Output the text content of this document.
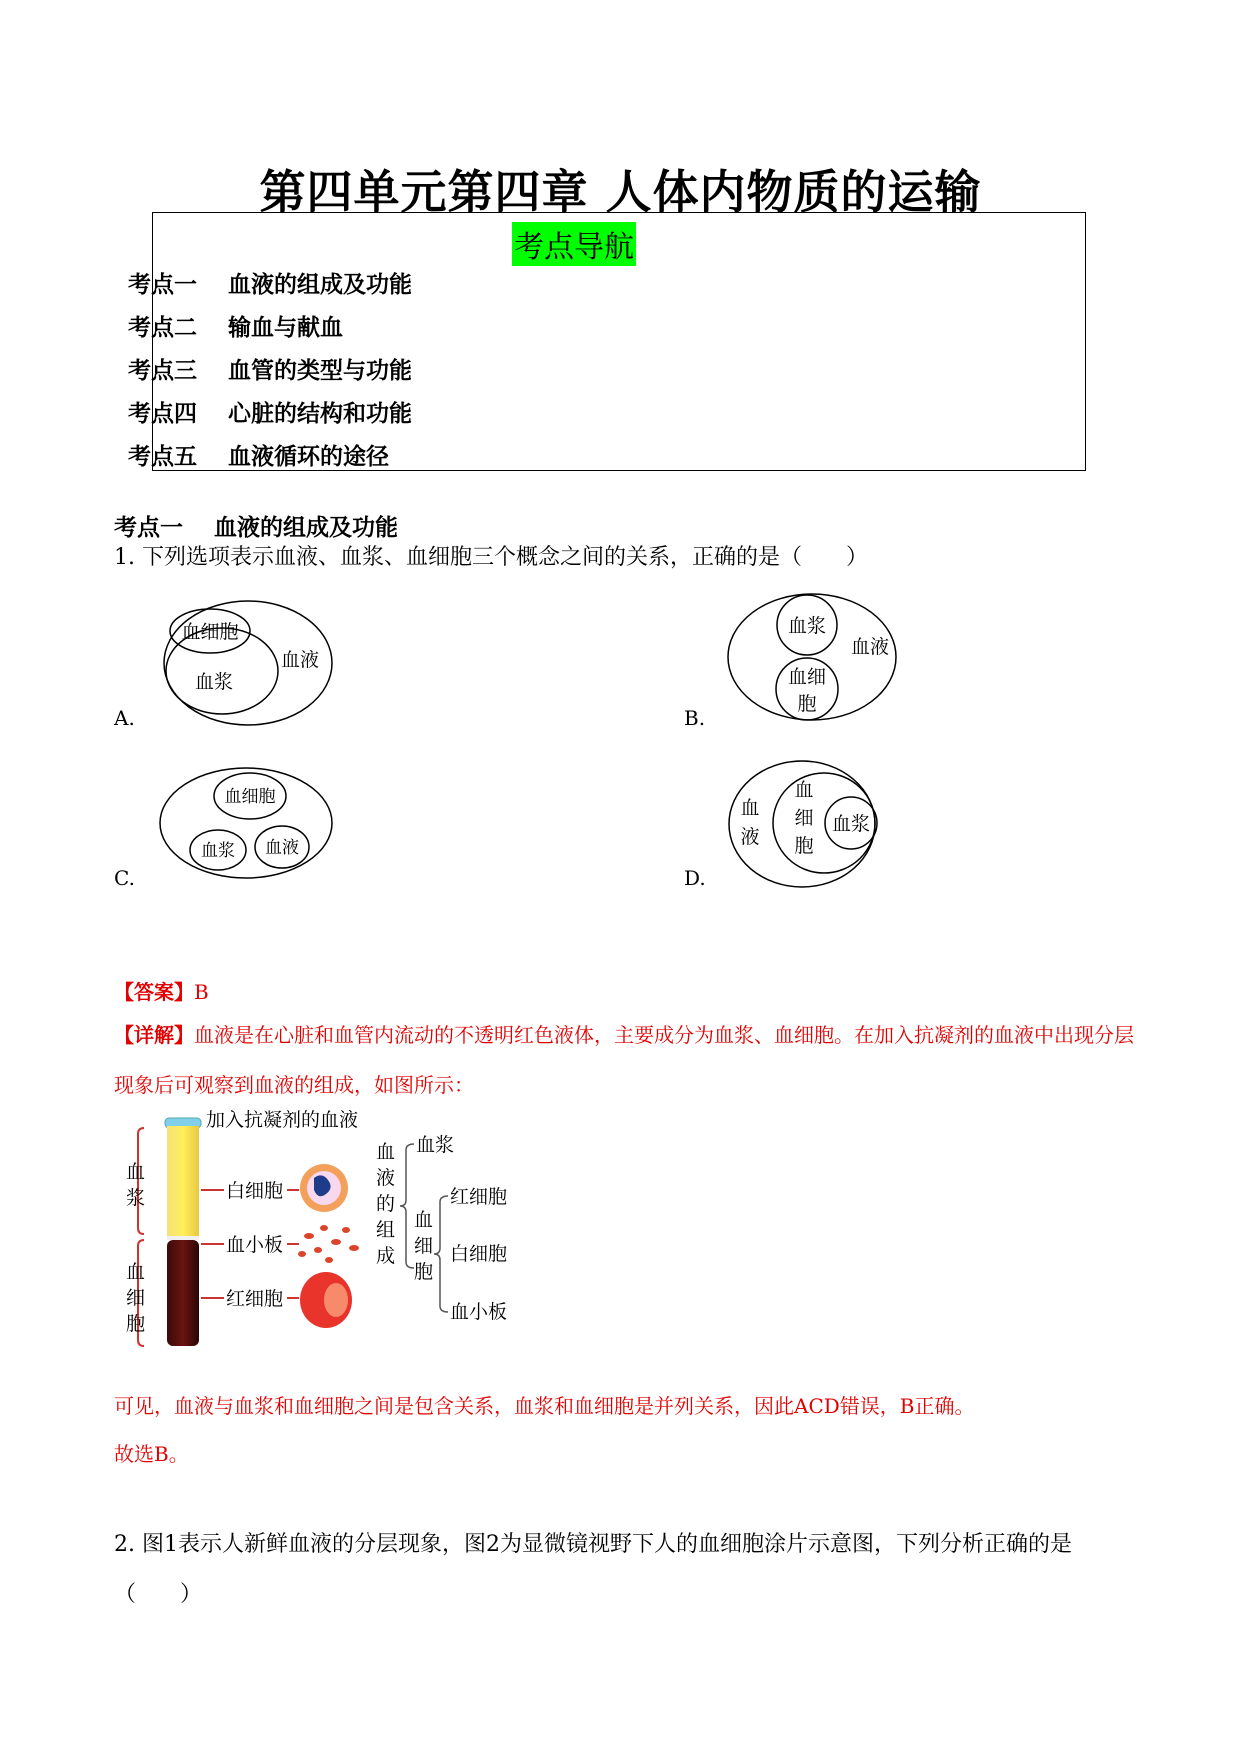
第四单元第四章 人体内物质的运输
考点导航
考点一 血液的组成及功能
考点二 输血与献血
考点三 血管的类型与功能
考点四 心脏的结构和功能
考点五 血液循环的途径
考点一 血液的组成及功能
1. 下列选项表示血液、血浆、血细胞三个概念之间的关系，正确的是（　　）
血细胞
血浆
血液
A.
血浆
血细
胞
血液
B.
血细胞
血浆 血液
C.
血
液
血
细
胞
血浆
D.
【答案】B
【详解】血液是在心脏和血管内流动的不透明红色液体，主要成分为血浆、血细胞。在加入抗凝剂的血液中出现分层现象后可观察到血液的组成，如图所示：
加入抗凝剂的血液
血
浆
血
细
胞
白细胞
血小板
红细胞
血
液
的
组
成
血浆
血
细
胞
红细胞
白细胞
血小板
可见，血液与血浆和血细胞之间是包含关系，血浆和血细胞是并列关系，因此ACD错误，B正确。
故选B。
2. 图1表示人新鲜血液的分层现象，图2为显微镜视野下人的血细胞涂片示意图，下列分析正确的是（　　）
